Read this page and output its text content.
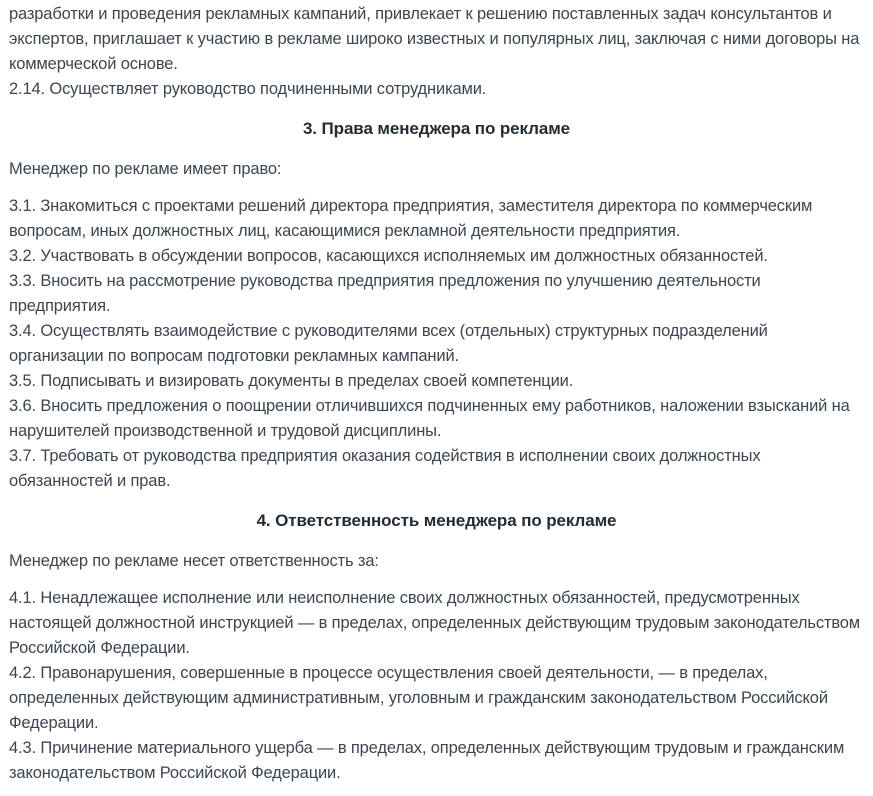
разработки и проведения рекламных кампаний, привлекает к решению поставленных задач консультантов и экспертов, приглашает к участию в рекламе широко известных и популярных лиц, заключая с ними договоры на коммерческой основе.

2.14. Осуществляет руководство подчиненными сотрудниками.

3. Права менеджера по рекламе

Менеджер по рекламе имеет право:

3.1. Знакомиться с проектами решений директора предприятия, заместителя директора по коммерческим вопросам, иных должностных лиц, касающимися рекламной деятельности предприятия.

3.2. Участвовать в обсуждении вопросов, касающихся исполняемых им должностных обязанностей.

3.3. Вносить на рассмотрение руководства предприятия предложения по улучшению деятельности предприятия.

3.4. Осуществлять взаимодействие с руководителями всех (отдельных) структурных подразделений организации по вопросам подготовки рекламных кампаний.

3.5. Подписывать и визировать документы в пределах своей компетенции.

3.6. Вносить предложения о поощрении отличившихся подчиненных ему работников, наложении взысканий на нарушителей производственной и трудовой дисциплины.

3.7. Требовать от руководства предприятия оказания содействия в исполнении своих должностных обязанностей и прав.

4. Ответственность менеджера по рекламе

Менеджер по рекламе несет ответственность за:

4.1. Ненадлежащее исполнение или неисполнение своих должностных обязанностей, предусмотренных настоящей должностной инструкцией — в пределах, определенных действующим трудовым законодательством Российской Федерации.

4.2. Правонарушения, совершенные в процессе осуществления своей деятельности, — в пределах, определенных действующим административным, уголовным и гражданским законодательством Российской Федерации.

4.3. Причинение материального ущерба — в пределах, определенных действующим трудовым и гражданским законодательством Российской Федерации.
